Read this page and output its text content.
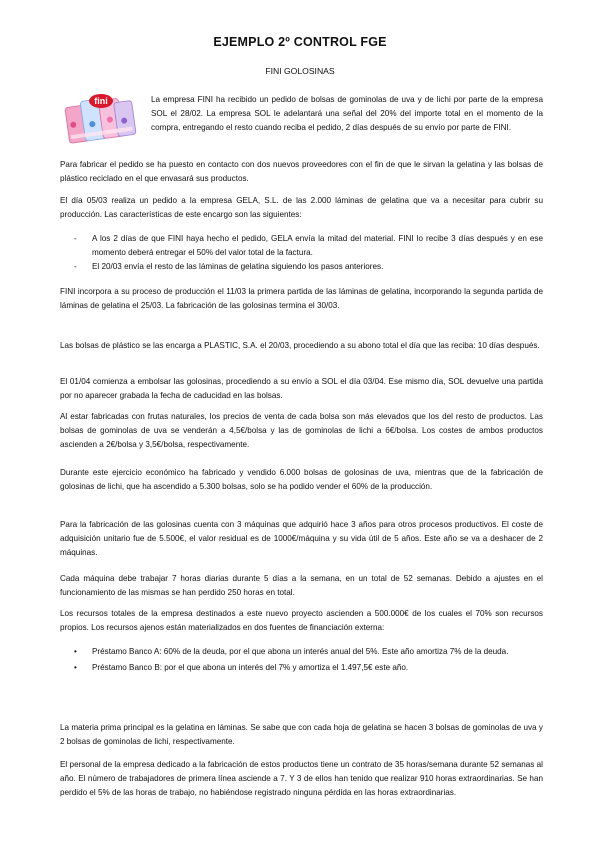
EJEMPLO 2º CONTROL FGE
FINI GOLOSINAS
fini	La empresa FINI ha recibido un pedido de bolsas de gominolas de uva y de lichi por parte de la empresa SOL el 28/02. La empresa SOL le adelantará una señal del 20% del importe total en el momento de la compra, entregando el resto cuando reciba el pedido, 2 días después de su envío por parte de FINI.

Para fabricar el pedido se ha puesto en contacto con dos nuevos proveedores con el fin de que le sirvan la gelatina y las bolsas de plástico reciclado en el que envasará sus productos.

El día 05/03 realiza un pedido a la empresa GELA, S.L. de las 2.000 láminas de gelatina que va a necesitar para cubrir su producción. Las características de este encargo son las siguientes:

- A los 2 días de que FINI haya hecho el pedido, GELA envía la mitad del material. FINI lo recibe 3 días después y en ese momento deberá entregar el 50% del valor total de la factura.
- El 20/03 envía el resto de las láminas de gelatina siguiendo los pasos anteriores.

FINI incorpora a su proceso de producción el 11/03 la primera partida de las láminas de gelatina, incorporando la segunda partida de láminas de gelatina el 25/03. La fabricación de las golosinas termina el 30/03.

Las bolsas de plástico se las encarga a PLASTIC, S.A. el 20/03, procediendo a su abono total el día que las reciba: 10 días después.

El 01/04 comienza a embolsar las golosinas, procediendo a su envío a SOL el día 03/04. Ese mismo día, SOL devuelve una partida por no aparecer grabada la fecha de caducidad en las bolsas.

Al estar fabricadas con frutas naturales, los precios de venta de cada bolsa son más elevados que los del resto de productos. Las bolsas de gominolas de uva se venderán a 4,5€/bolsa y las de gominolas de lichi a 6€/bolsa. Los costes de ambos productos ascienden a 2€/bolsa y 3,5€/bolsa, respectivamente.

Durante este ejercicio económico ha fabricado y vendido 6.000 bolsas de golosinas de uva, mientras que de la fabricación de golosinas de lichi, que ha ascendido a 5.300 bolsas, solo se ha podido vender el 60% de la producción.

Para la fabricación de las golosinas cuenta con 3 máquinas que adquirió hace 3 años para otros procesos productivos. El coste de adquisición unitario fue de 5.500€, el valor residual es de 1000€/máquina y su vida útil de 5 años. Este año se va a deshacer de 2 máquinas.

Cada máquina debe trabajar 7 horas diarias durante 5 días a la semana, en un total de 52 semanas. Debido a ajustes en el funcionamiento de las mismas se han perdido 250 horas en total.

Los recursos totales de la empresa destinados a este nuevo proyecto ascienden a 500.000€ de los cuales el 70% son recursos propios. Los recursos ajenos están materializados en dos fuentes de financiación externa:

• Préstamo Banco A: 60% de la deuda, por el que abona un interés anual del 5%. Este año amortiza 7% de la deuda.
• Préstamo Banco B: por el que abona un interés del 7% y amortiza el 1.497,5€ este año.

La materia prima principal es la gelatina en láminas. Se sabe que con cada hoja de gelatina se hacen 3 bolsas de gominolas de uva y 2 bolsas de gominolas de lichi, respectivamente.

El personal de la empresa dedicado a la fabricación de estos productos tiene un contrato de 35 horas/semana durante 52 semanas al año. El número de trabajadores de primera línea asciende a 7. Y 3 de ellos han tenido que realizar 910 horas extraordinarias. Se han perdido el 5% de las horas de trabajo, no habiéndose registrado ninguna pérdida en las horas extraordinarias.
